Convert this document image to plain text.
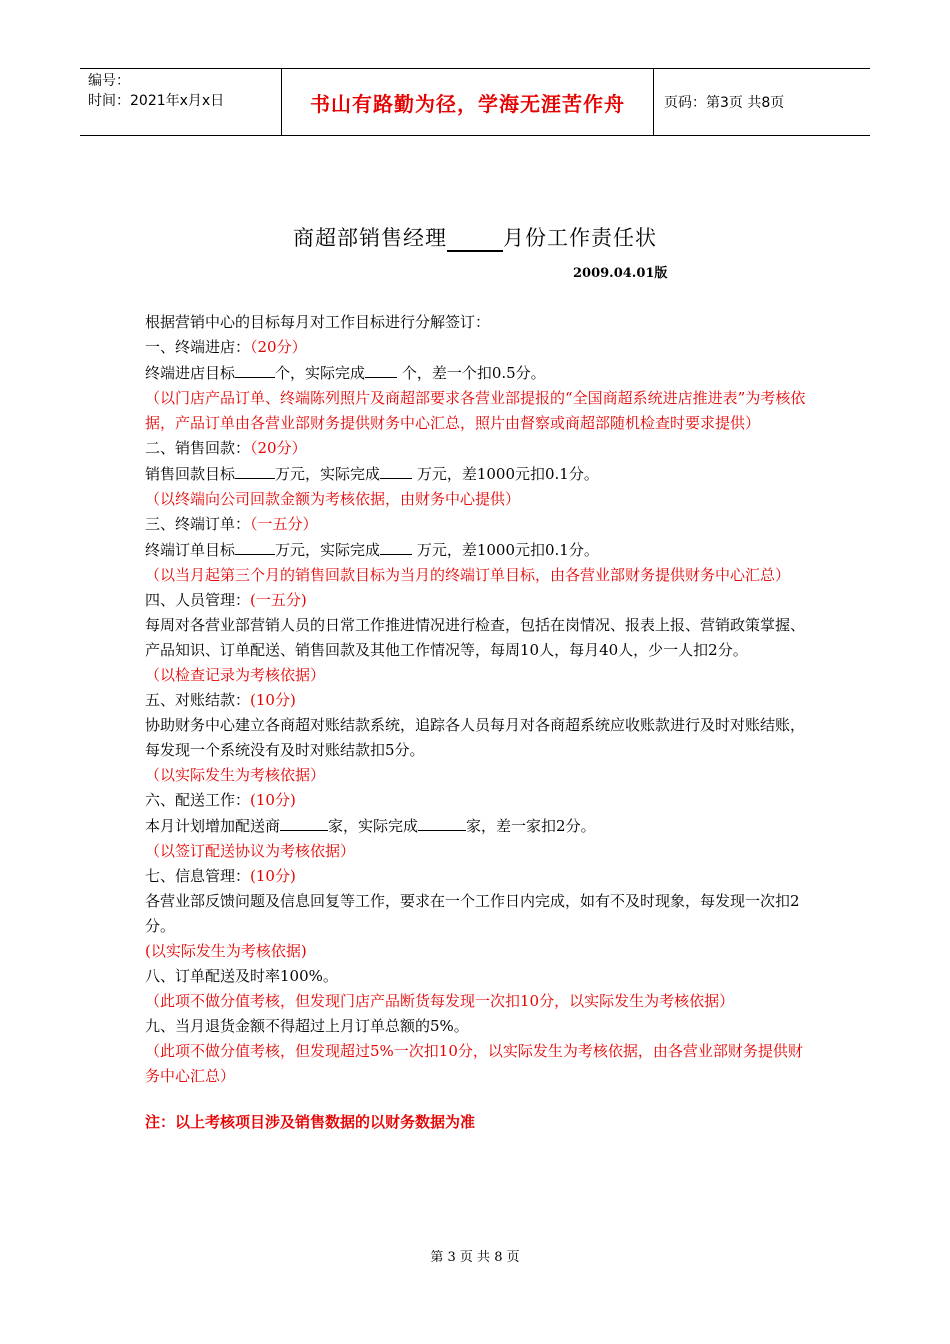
编号：
时间：2021年x月x日	书山有路勤为径，学海无涯苦作舟	页码：第3页 共8页
商超部销售经理	月份工作责任状
2009.04.01版

根据营销中心的目标每月对工作目标进行分解签订：

一、终端进店：（20分）

终端进店目标	个，实际完成 个，差一个扣0.5分。

（以门店产品订单、终端陈列照片及商超部要求各营业部提报的“全国商超系统进店推进表”为考核依据，产品订单由各营业部财务提供财务中心汇总，照片由督察或商超部随机检查时要求提供）

二、销售回款：（20分）

销售回款目标	万元，实际完成 万元，差1000元扣0.1分。

（以终端向公司回款金额为考核依据，由财务中心提供）

三、终端订单：（一五分）

终端订单目标	万元，实际完成 万元，差1000元扣0.1分。

（以当月起第三个月的销售回款目标为当月的终端订单目标，由各营业部财务提供财务中心汇总）

四、人员管理：(一五分)

每周对各营业部营销人员的日常工作推进情况进行检查，包括在岗情况、报表上报、营销政策掌握、产品知识、订单配送、销售回款及其他工作情况等，每周10人，每月40人，少一人扣2分。

（以检查记录为考核依据）

五、对账结款：(10分)

协助财务中心建立各商超对账结款系统，追踪各人员每月对各商超系统应收账款进行及时对账结账，每发现一个系统没有及时对账结款扣5分。

（以实际发生为考核依据）

六、配送工作：(10分)

本月计划增加配送商	家，实际完成	家，差一家扣2分。

（以签订配送协议为考核依据）

七、信息管理：(10分)

各营业部反馈问题及信息回复等工作，要求在一个工作日内完成，如有不及时现象，每发现一次扣2分。

(以实际发生为考核依据)

八、订单配送及时率100%。

（此项不做分值考核，但发现门店产品断货每发现一次扣10分，以实际发生为考核依据）

九、当月退货金额不得超过上月订单总额的5%。

（此项不做分值考核，但发现超过5%一次扣10分，以实际发生为考核依据，由各营业部财务提供财务中心汇总）

注：以上考核项目涉及销售数据的以财务数据为准

第 3 页 共 8 页
